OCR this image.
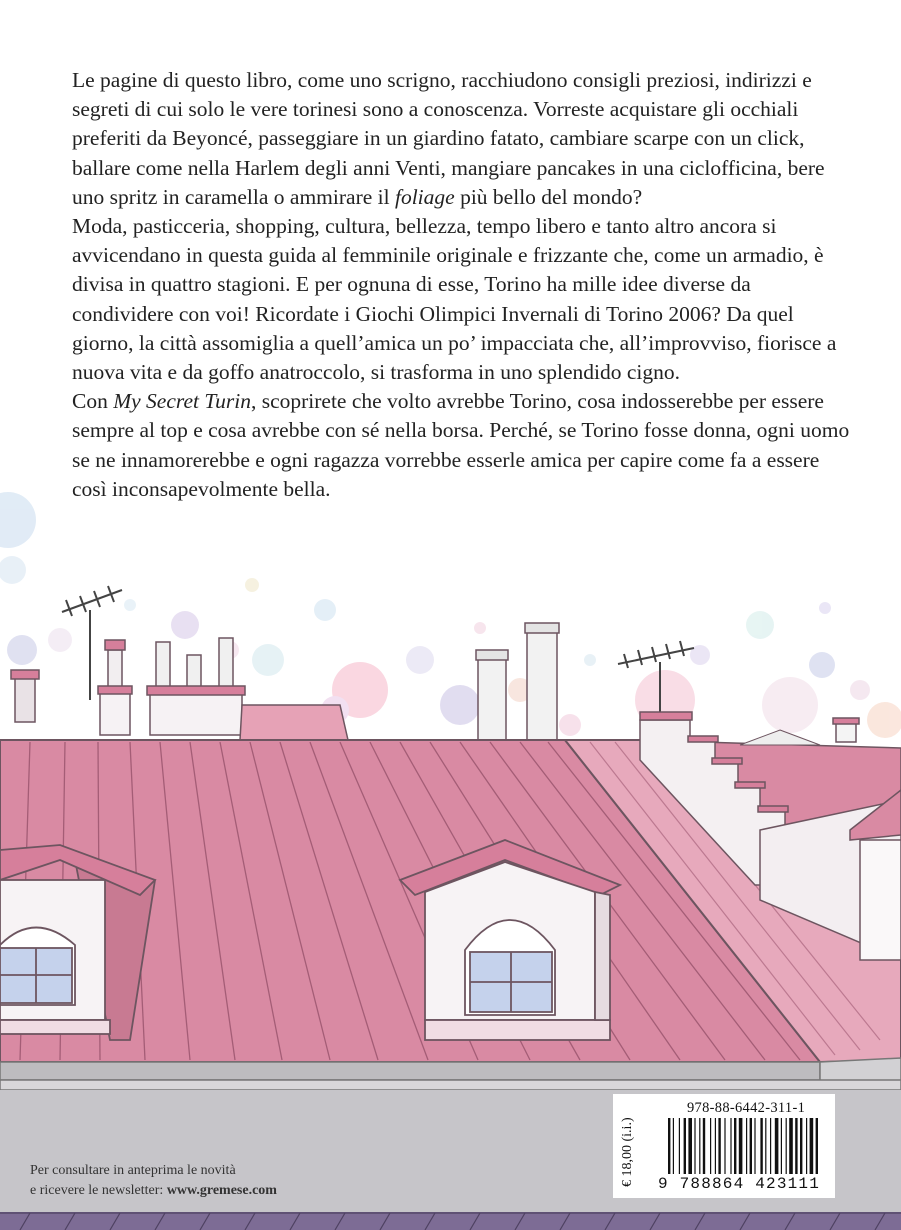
Le pagine di questo libro, come uno scrigno, racchiudono consigli preziosi, indirizzi e segreti di cui solo le vere torinesi sono a conoscenza. Vorreste acquistare gli occhiali preferiti da Beyoncé, passeggiare in un giardino fatato, cambiare scarpe con un click, ballare come nella Harlem degli anni Venti, mangiare pancakes in una ciclofficina, bere uno spritz in caramella o ammirare il foliage più bello del mondo?

Moda, pasticceria, shopping, cultura, bellezza, tempo libero e tanto altro ancora si avvicendano in questa guida al femminile originale e frizzante che, come un armadio, è divisa in quattro stagioni. E per ognuna di esse, Torino ha mille idee diverse da condividere con voi! Ricordate i Giochi Olimpici Invernali di Torino 2006? Da quel giorno, la città assomiglia a quell’amica un po’ impacciata che, all’improvviso, fiorisce a nuova vita e da goffo anatroccolo, si trasforma in uno splendido cigno.

Con My Secret Turin, scoprirete che volto avrebbe Torino, cosa indosserebbe per essere sempre al top e cosa avrebbe con sé nella borsa. Perché, se Torino fosse donna, ogni uomo se ne innamorerebbe e ogni ragazza vorrebbe esserle amica per capire come fa a essere così inconsapevolmente bella.

Per consultare in anteprima le novità
e ricevere le newsletter: www.gremese.com
978-88-6442-311-1
€ 18,00 (i.i.) 9 788864 423111
